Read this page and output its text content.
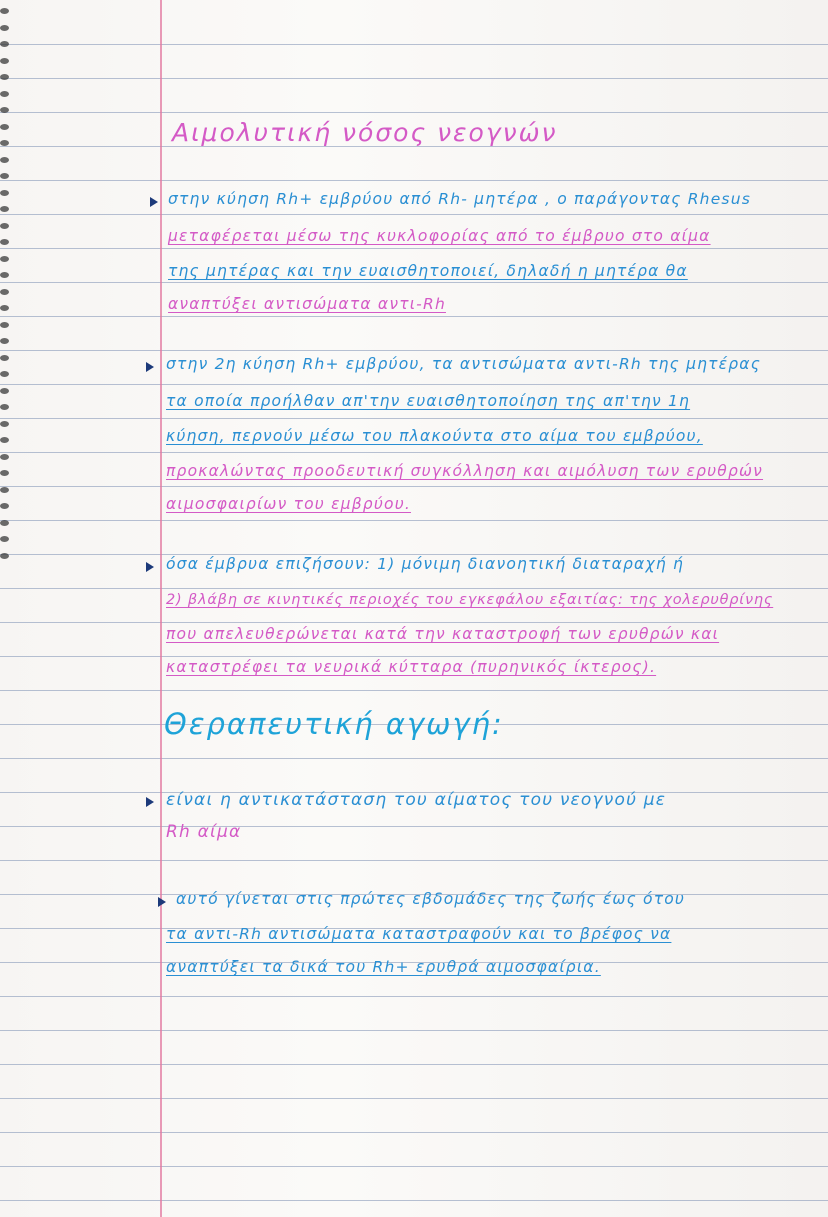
Αιμολυτική νόσος νεογνών
στην κύηση Rh+ εμβρύου από Rh- μητέρα , ο παράγοντας Rhesus
μεταφέρεται μέσω της κυκλοφορίας από το έμβρυο στο αίμα
της μητέρας και την ευαισθητοποιεί, δηλαδή η μητέρα θα
αναπτύξει αντισώματα αντι-Rh
στην 2η κύηση Rh+ εμβρύου, τα αντισώματα αντι-Rh της μητέρας
τα οποία προήλθαν απ'την ευαισθητοποίηση της απ'την 1η
κύηση, περνούν μέσω του πλακούντα στο αίμα του εμβρύου,
προκαλώντας προοδευτική συγκόλληση και αιμόλυση των ερυθρών
αιμοσφαιρίων του εμβρύου.
όσα έμβρυα επιζήσουν: 1) μόνιμη διανοητική διαταραχή ή
2) βλάβη σε κινητικές περιοχές του εγκεφάλου εξαιτίας: της χολερυθρίνης
που απελευθερώνεται κατά την καταστροφή των ερυθρών και
καταστρέφει τα νευρικά κύτταρα (πυρηνικός ίκτερος).
Θεραπευτική αγωγή:
είναι η αντικατάσταση του αίματος του νεογνού με
Rh αίμα
αυτό γίνεται στις πρώτες εβδομάδες της ζωής έως ότου
τα αντι-Rh αντισώματα καταστραφούν και το βρέφος να
αναπτύξει τα δικά του Rh+ ερυθρά αιμοσφαίρια.
